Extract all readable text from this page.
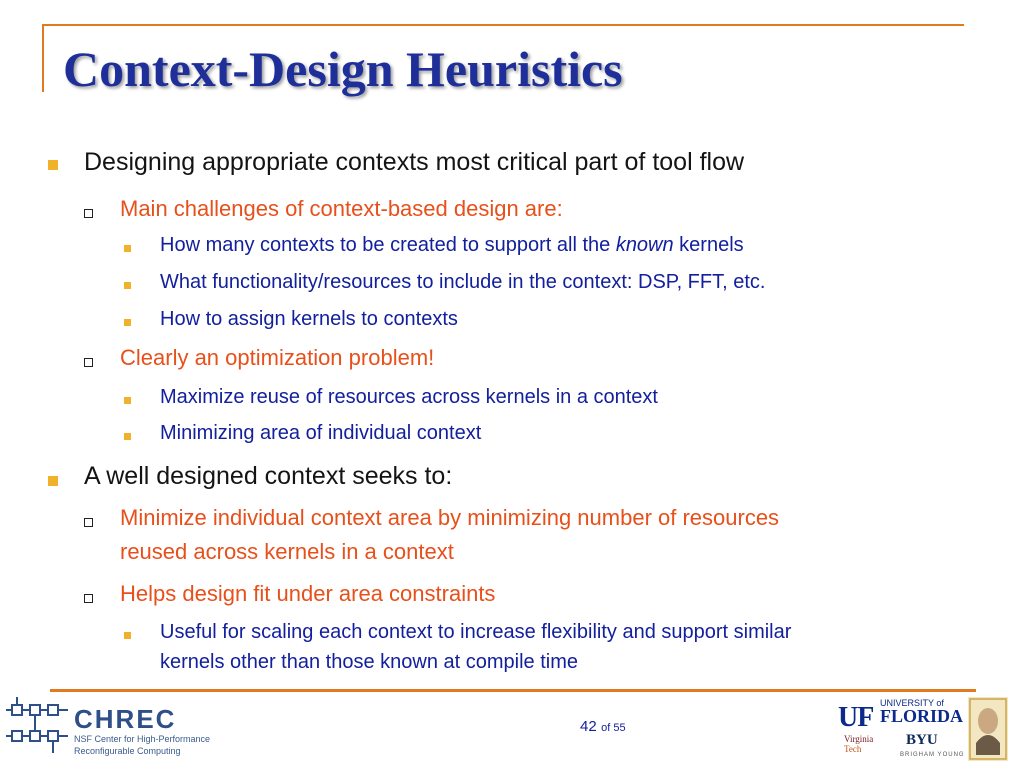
Context-Design Heuristics

Designing appropriate contexts most critical part of tool flow

Main challenges of context-based design are:

How many contexts to be created to support all the known kernels

What functionality/resources to include in the context: DSP, FFT, etc.

How to assign kernels to contexts

Clearly an optimization problem!

Maximize reuse of resources across kernels in a context

Minimizing area of individual context

A well designed context seeks to:

Minimize individual context area by minimizing number of resources

reused across kernels in a context

Helps design fit under area constraints

Useful for scaling each context to increase flexibility and support similar

kernels other than those known at compile time

42 of 55
CHREC
NSF Center for High-Performance
Reconfigurable Computing
UF UNIVERSITY of
FLORIDA
Virginia
Tech
BYU
BRIGHAM YOUNG
